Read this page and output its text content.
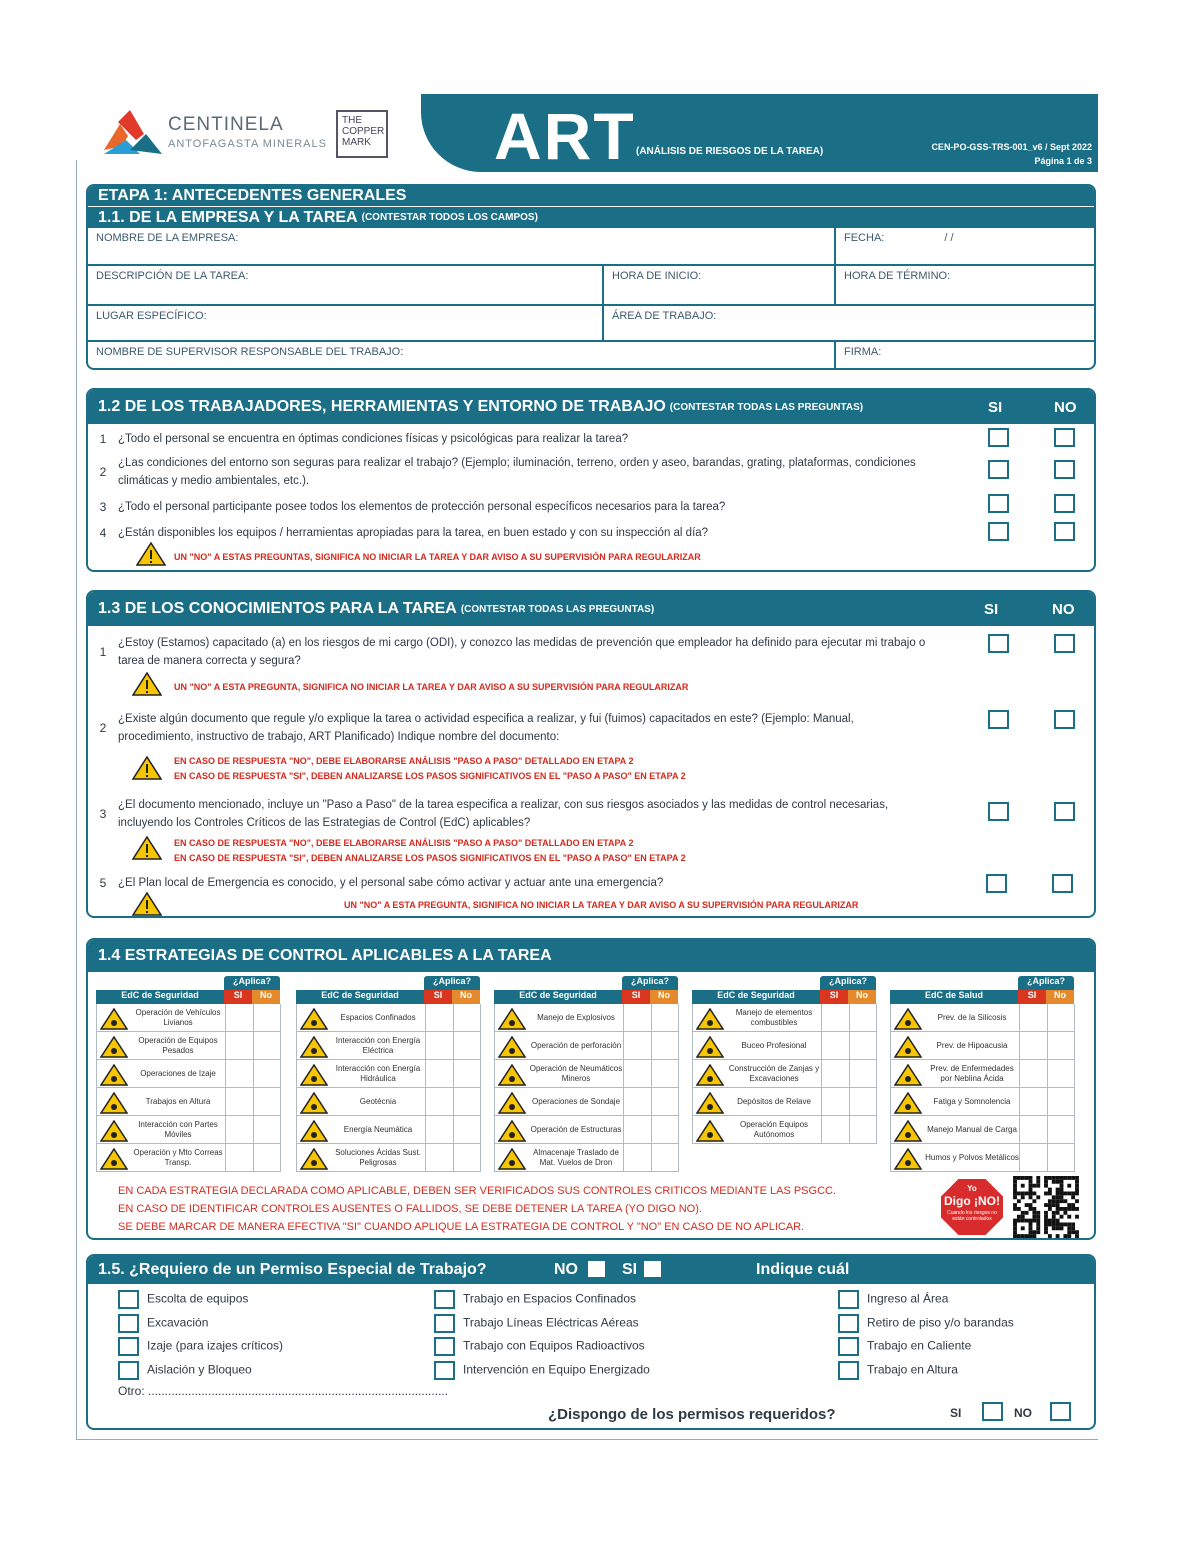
CENTINELA
ANTOFAGASTA MINERALS
THE
COPPER
MARK ART (ANÁLISIS DE RIESGOS DE LA TAREA)	CEN-PO-GSS-TRS-001_v6 / Sept 2022
Página 1 de 3
ETAPA 1: ANTECEDENTES GENERALES
1.1. DE LA EMPRESA Y LA TAREA (CONTESTAR TODOS LOS CAMPOS)
NOMBRE DE LA EMPRESA:	FECHA:	/ /
DESCRIPCIÓN DE LA TAREA:	HORA DE INICIO:	HORA DE TÉRMINO:
LUGAR ESPECÍFICO:	ÁREA DE TRABAJO:
NOMBRE DE SUPERVISOR RESPONSABLE DEL TRABAJO:	FIRMA:
1.2 DE LOS TRABAJADORES, HERRAMIENTAS Y ENTORNO DE TRABAJO (CONTESTAR TODAS LAS PREGUNTAS)	SI	NO
1	¿Todo el personal se encuentra en óptimas condiciones físicas y psicológicas para realizar la tarea?
2
¿Las condiciones del entorno son seguras para realizar el trabajo? (Ejemplo; iluminación, terreno, orden y aseo, barandas, grating, plataformas, condiciones climáticas y medio ambientales, etc.).
3	¿Todo el personal participante posee todos los elementos de protección personal específicos necesarios para la tarea?
4	¿Están disponibles los equipos / herramientas apropiadas para la tarea, en buen estado y con su inspección al día?
UN "NO" A ESTAS PREGUNTAS, SIGNIFICA NO INICIAR LA TAREA Y DAR AVISO A SU SUPERVISIÓN PARA REGULARIZAR
1.3 DE LOS CONOCIMIENTOS PARA LA TAREA (CONTESTAR TODAS LAS PREGUNTAS)	SI	NO
1
¿Estoy (Estamos) capacitado (a) en los riesgos de mi cargo (ODI), y conozco las medidas de prevención que empleador ha definido para ejecutar mi trabajo o tarea de manera correcta y segura?
UN "NO" A ESTA PREGUNTA, SIGNIFICA NO INICIAR LA TAREA Y DAR AVISO A SU SUPERVISIÓN PARA REGULARIZAR
2
¿Existe algún documento que regule y/o explique la tarea o actividad especifica a realizar, y fui (fuimos) capacitados en este? (Ejemplo: Manual, procedimiento, instructivo de trabajo, ART Planificado) Indique nombre del documento:
EN CASO DE RESPUESTA "NO", DEBE ELABORARSE ANÁLISIS "PASO A PASO" DETALLADO EN ETAPA 2
EN CASO DE RESPUESTA "SI", DEBEN ANALIZARSE LOS PASOS SIGNIFICATIVOS EN EL "PASO A PASO" EN ETAPA 2
3
¿El documento mencionado, incluye un "Paso a Paso" de la tarea especifica a realizar, con sus riesgos asociados y las medidas de control necesarias, incluyendo los Controles Críticos de las Estrategias de Control (EdC) aplicables?
EN CASO DE RESPUESTA "NO", DEBE ELABORARSE ANÁLISIS "PASO A PASO" DETALLADO EN ETAPA 2
EN CASO DE RESPUESTA "SI", DEBEN ANALIZARSE LOS PASOS SIGNIFICATIVOS EN EL "PASO A PASO" EN ETAPA 2
5	¿El Plan local de Emergencia es conocido, y el personal sabe cómo activar y actuar ante una emergencia?
UN "NO" A ESTA PREGUNTA, SIGNIFICA NO INICIAR LA TAREA Y DAR AVISO A SU SUPERVISIÓN PARA REGULARIZAR
1.4 ESTRATEGIAS DE CONTROL APLICABLES A LA TAREA
¿Aplica?
EdC de Seguridad	SI	No
Operación de Vehículos Livianos
Operación de Equipos Pesados
Operaciones de Izaje
Trabajos en Altura
Interacción con Partes Móviles
Operación y Mto Correas Transp.
¿Aplica?
EdC de Seguridad	SI	No
Espacios Confinados
Interacción con Energía Eléctrica
Interacción con Energía Hidráulica
Geotécnia
Energía Neumática
Soluciones Ácidas Sust. Peligrosas
¿Aplica?
EdC de Seguridad	SI	No
Manejo de Explosivos
Operación de perforación
Operación de Neumáticos Mineros
Operaciones de Sondaje
Operación de Estructuras
Almacenaje Traslado de Mat. Vuelos de Dron
¿Aplica?
EdC de Seguridad	SI	No
Manejo de elementos combustibles
Buceo Profesional
Construcción de Zanjas y Excavaciones
Depósitos de Relave
Operación Equipos Autónomos
¿Aplica?
EdC de Salud	SI	No
Prev. de la Silicosis
Prev. de Hipoacusia
Prev. de Enfermedades por Neblina Ácida
Fatiga y Somnolencia
Manejo Manual de Carga
Humos y Polvos Metálicos
EN CADA ESTRATEGIA DECLARADA COMO APLICABLE, DEBEN SER VERIFICADOS SUS CONTROLES CRITICOS MEDIANTE LAS PSGCC.
EN CASO DE IDENTIFICAR CONTROLES AUSENTES O FALLIDOS, SE DEBE DETENER LA TAREA (YO DIGO NO).
SE DEBE MARCAR DE MANERA EFECTIVA "SI" CUANDO APLIQUE LA ESTRATEGIA DE CONTROL Y "NO" EN CASO DE NO APLICAR.
Yo
Digo ¡NO!
Cuando los riesgos no están controlados
1.5. ¿Requiero de un Permiso Especial de Trabajo?	NO	SI	Indique cuál
Escolta de equipos
Excavación
Izaje (para izajes críticos)
Aislación y Bloqueo
Trabajo en Espacios Confinados
Trabajo Líneas Eléctricas Aéreas
Trabajo con Equipos Radioactivos
Intervención en Equipo Energizado
Ingreso al Área
Retiro de piso y/o barandas
Trabajo en Caliente
Trabajo en Altura
Otro: ..........................................................................................
¿Dispongo de los permisos requeridos?	SI	NO
